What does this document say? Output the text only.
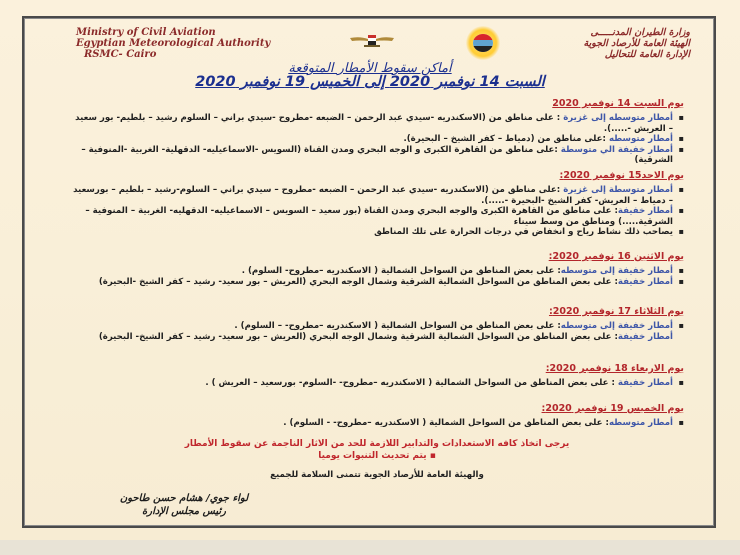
Ministry of Civil Aviation
Egyptian Meteorological Authority
RSMC- Cairo
وزارة الطيران المدنـــــى
الهيئة العامة للأرصاد الجوية
الإدارة العامة للتحاليل
أماكن سقوط الأمطار المتوقعة
السبت 14 نوفمبر 2020 إلى الخميس 19 نوفمبر 2020
يوم السبت 14 نوفمبر 2020
▪ أمطار متوسطه إلى غزيرة : على مناطق من (الاسكندريه -سيدي عبد الرحمن – الضبعه -مطروح -سيدي براني – السلوم رشيد – بلطيم- بور سعيد – العريش -.....).
▪ أمطار متوسطه :على مناطق من (دمياط – كفر الشيخ – البحيرة).
▪ أمطار خفيفة الي متوسطة :على مناطق من القاهرة الكبرى و الوجه البحري ومدن القناة (السويس -الاسماعيليه- الدقهلية- الغربية -المنوفية – الشرقية)
يوم الاحد15 نوفمبر 2020:
▪ أمطار متوسطة إلى غزيرة :على مناطق من (الاسكندريه -سيدي عبد الرحمن – الضبعه -مطروح – سيدي براني – السلوم-رشيد – بلطيم – بورسعيد – دمياط – العريش- كفر الشيخ -البحيرة -.....).
▪ أمطار خفيفة: على مناطق من القاهرة الكبرى والوجه البحري ومدن القناة (بور سعيد – السويس – الاسماعيليه- الدقهليه- الغربية – المنوفية – الشرقية.....) ومناطق من وسط سيناء
▪ يصاحب ذلك نشاط رياح و انخفاض في درجات الحرارة على تلك المناطق
يوم الاثنين 16 نوفمبر 2020:
▪ أمطار خفيفة إلى متوسطه: على بعض المناطق من السواحل الشمالية ( الاسكندريه –مطروح- السلوم) .
▪ أمطار خفيفة: على بعض المناطق من السواحل الشمالية الشرقية وشمال الوجه البحري (العريش – بور سعيد- رشيد – كفر الشيخ -البحيرة)
يوم الثلاثاء 17 نوفمبر 2020:
▪ أمطار خفيفة إلى متوسطه: على بعض المناطق من السواحل الشمالية ( الاسكندريه –مطروح- – السلوم) .
أمطار خفيفة: على بعض المناطق من السواحل الشمالية الشرقية وشمال الوجه البحري (العريش – بور سعيد- رشيد – كفر الشيخ- البحيرة)
يوم الاربعاء 18 نوفمبر 2020:
▪ أمطار خفيفة : على بعض المناطق من السواحل الشمالية ( الاسكندريه –مطروح- -السلوم- بورسعيد – العريش ) .
يوم الخميس 19 نوفمبر 2020:
▪ أمطار متوسطه: على بعض المناطق من السواحل الشمالية ( الاسكندريه –مطروح- - السلوم) .
يرجى اتخاذ كافه الاستعدادات والتدابير اللازمة للحد من الاثار الناجمة عن سقوط الأمطار
▪ يتم تحديث التنبوات يوميا
والهيئة العامة للأرصاد الجوية تتمنى السلامة للجميع
لواء جوي/ هشام حسن طاحون
رئيس مجلس الإدارة
